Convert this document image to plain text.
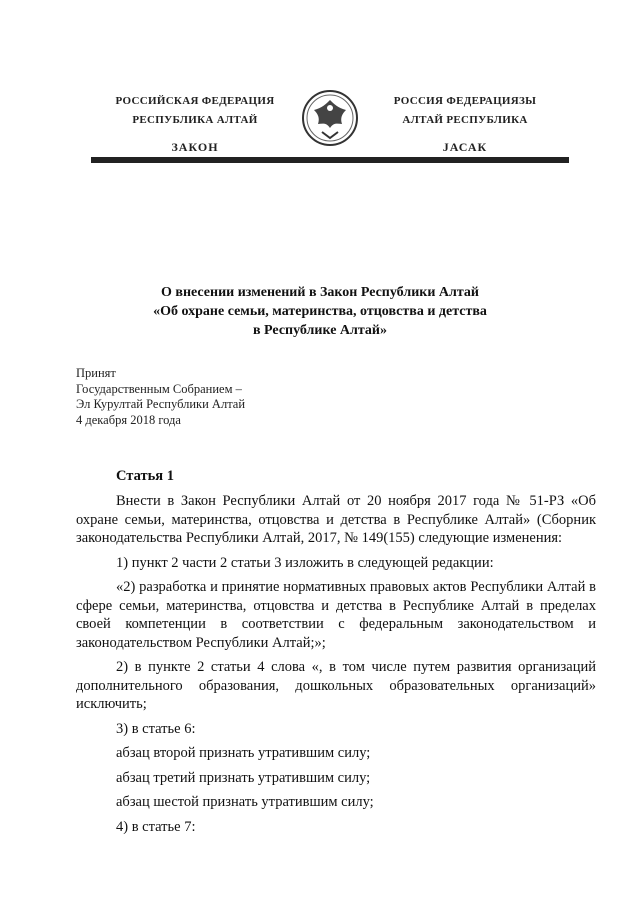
РОССИЙСКАЯ ФЕДЕРАЦИЯ
РЕСПУБЛИКА АЛТАЙ
ЗАКОН
РОССИЯ ФЕДЕРАЦИЯЗЫ
АЛТАЙ РЕСПУБЛИКА
JАСАК
О внесении изменений в Закон Республики Алтай
«Об охране семьи, материнства, отцовства и детства
в Республике Алтай»
Принят
Государственным Собранием –
Эл Курултай Республики Алтай
4 декабря 2018 года
Статья 1

Внести в Закон Республики Алтай от 20 ноября 2017 года № 51-РЗ «Об охране семьи, материнства, отцовства и детства в Республике Алтай» (Сборник законодательства Республики Алтай, 2017, № 149(155) следующие изменения:

1) пункт 2 части 2 статьи 3 изложить в следующей редакции:

«2) разработка и принятие нормативных правовых актов Республики Алтай в сфере семьи, материнства, отцовства и детства в Республике Алтай в пределах своей компетенции в соответствии с федеральным законодательством и законодательством Республики Алтай;»;

2) в пункте 2 статьи 4 слова «, в том числе путем развития организаций дополнительного образования, дошкольных образовательных организаций» исключить;

3) в статье 6:

абзац второй признать утратившим силу;

абзац третий признать утратившим силу;

абзац шестой признать утратившим силу;

4) в статье 7:
